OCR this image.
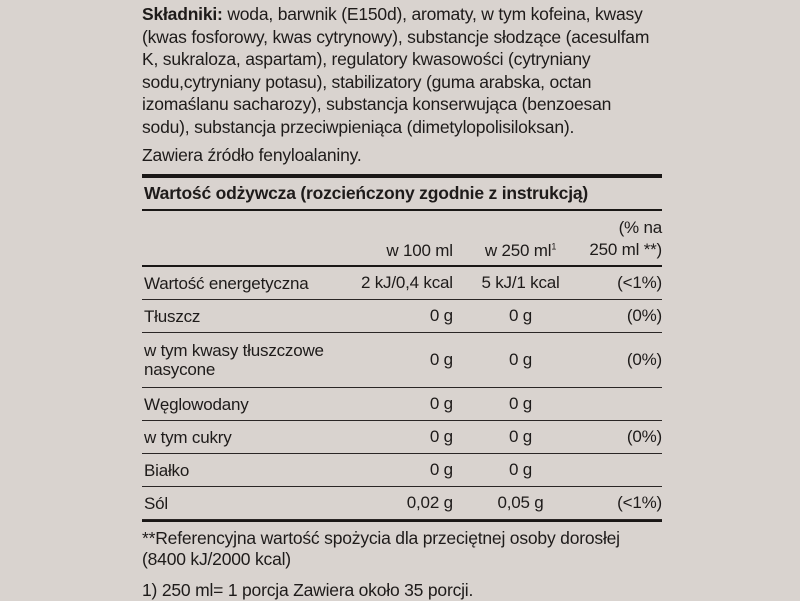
Składniki: woda, barwnik (E150d), aromaty, w tym kofeina, kwasy (kwas fosforowy, kwas cytrynowy), substancje słodzące (acesulfam K, sukraloza, aspartam), regulatory kwasowości (cytryniany sodu,cytryniany potasu), stabilizatory (guma arabska, octan izomaślanu sacharozy), substancja konserwująca (benzoesan sodu), substancja przeciwpieniąca (dimetylopolisiloksan).

Zawiera źródło fenyloalaniny.
Wartość odżywcza (rozcieńczony zgodnie z instrukcją)
	w 100 ml	w 250 $ml^1$	(% na
250 ml **)

Wartość energetyczna	2 kJ/0,4 kcal	5 kJ/1 kcal	(<1%)
Tłuszcz	0 g	0 g	(0%)
w tym kwasy tłuszczowe nasycone	0 g	0 g	(0%)
Węglowodany	0 g	0 g	
w tym cukry	0 g	0 g	(0%)
Białko	0 g	0 g	
Sól	0,02 g	0,05 g	(<1%)
**Referencyjna wartość spożycia dla przeciętnej osoby dorosłej (8400 kJ/2000 kcal)
1) 250 ml= 1 porcja Zawiera około 35 porcji.
